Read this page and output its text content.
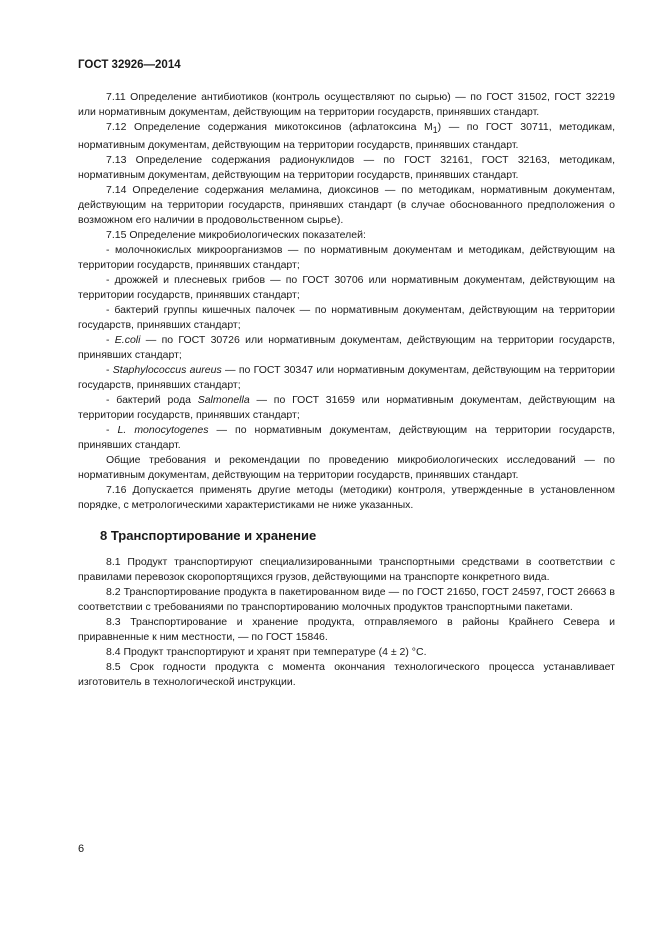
ГОСТ 32926—2014

7.11 Определение антибиотиков (контроль осуществляют по сырью) — по ГОСТ 31502, ГОСТ 32219 или нормативным документам, действующим на территории государств, принявших стандарт.

7.12 Определение содержания микотоксинов (афлатоксина $M_1$) — по ГОСТ 30711, методикам, нормативным документам, действующим на территории государств, принявших стандарт.

7.13 Определение содержания радионуклидов — по ГОСТ 32161, ГОСТ 32163, методикам, нормативным документам, действующим на территории государств, принявших стандарт.

7.14 Определение содержания меламина, диоксинов — по методикам, нормативным документам, действующим на территории государств, принявших стандарт (в случае обоснованного предположения о возможном его наличии в продовольственном сырье).

7.15 Определение микробиологических показателей:

- молочнокислых микроорганизмов — по нормативным документам и методикам, действующим на территории государств, принявших стандарт;

- дрожжей и плесневых грибов — по ГОСТ 30706 или нормативным документам, действующим на территории государств, принявших стандарт;

- бактерий группы кишечных палочек — по нормативным документам, действующим на территории государств, принявших стандарт;

- E.coli — по ГОСТ 30726 или нормативным документам, действующим на территории государств, принявших стандарт;

- Staphylococcus aureus — по ГОСТ 30347 или нормативным документам, действующим на территории государств, принявших стандарт;

- бактерий рода Salmonella — по ГОСТ 31659 или нормативным документам, действующим на территории государств, принявших стандарт;

- L. monocytogenes — по нормативным документам, действующим на территории государств, принявших стандарт.

Общие требования и рекомендации по проведению микробиологических исследований — по нормативным документам, действующим на территории государств, принявших стандарт.

7.16 Допускается применять другие методы (методики) контроля, утвержденные в установленном порядке, с метрологическими характеристиками не ниже указанных.

8 Транспортирование и хранение

8.1 Продукт транспортируют специализированными транспортными средствами в соответствии с правилами перевозок скоропортящихся грузов, действующими на транспорте конкретного вида.

8.2 Транспортирование продукта в пакетированном виде — по ГОСТ 21650, ГОСТ 24597, ГОСТ 26663 в соответствии с требованиями по транспортированию молочных продуктов транспортными пакетами.

8.3 Транспортирование и хранение продукта, отправляемого в районы Крайнего Севера и приравненные к ним местности, — по ГОСТ 15846.

8.4 Продукт транспортируют и хранят при температуре (4 ± 2) °С.

8.5 Срок годности продукта с момента окончания технологического процесса устанавливает изготовитель в технологической инструкции.

6
